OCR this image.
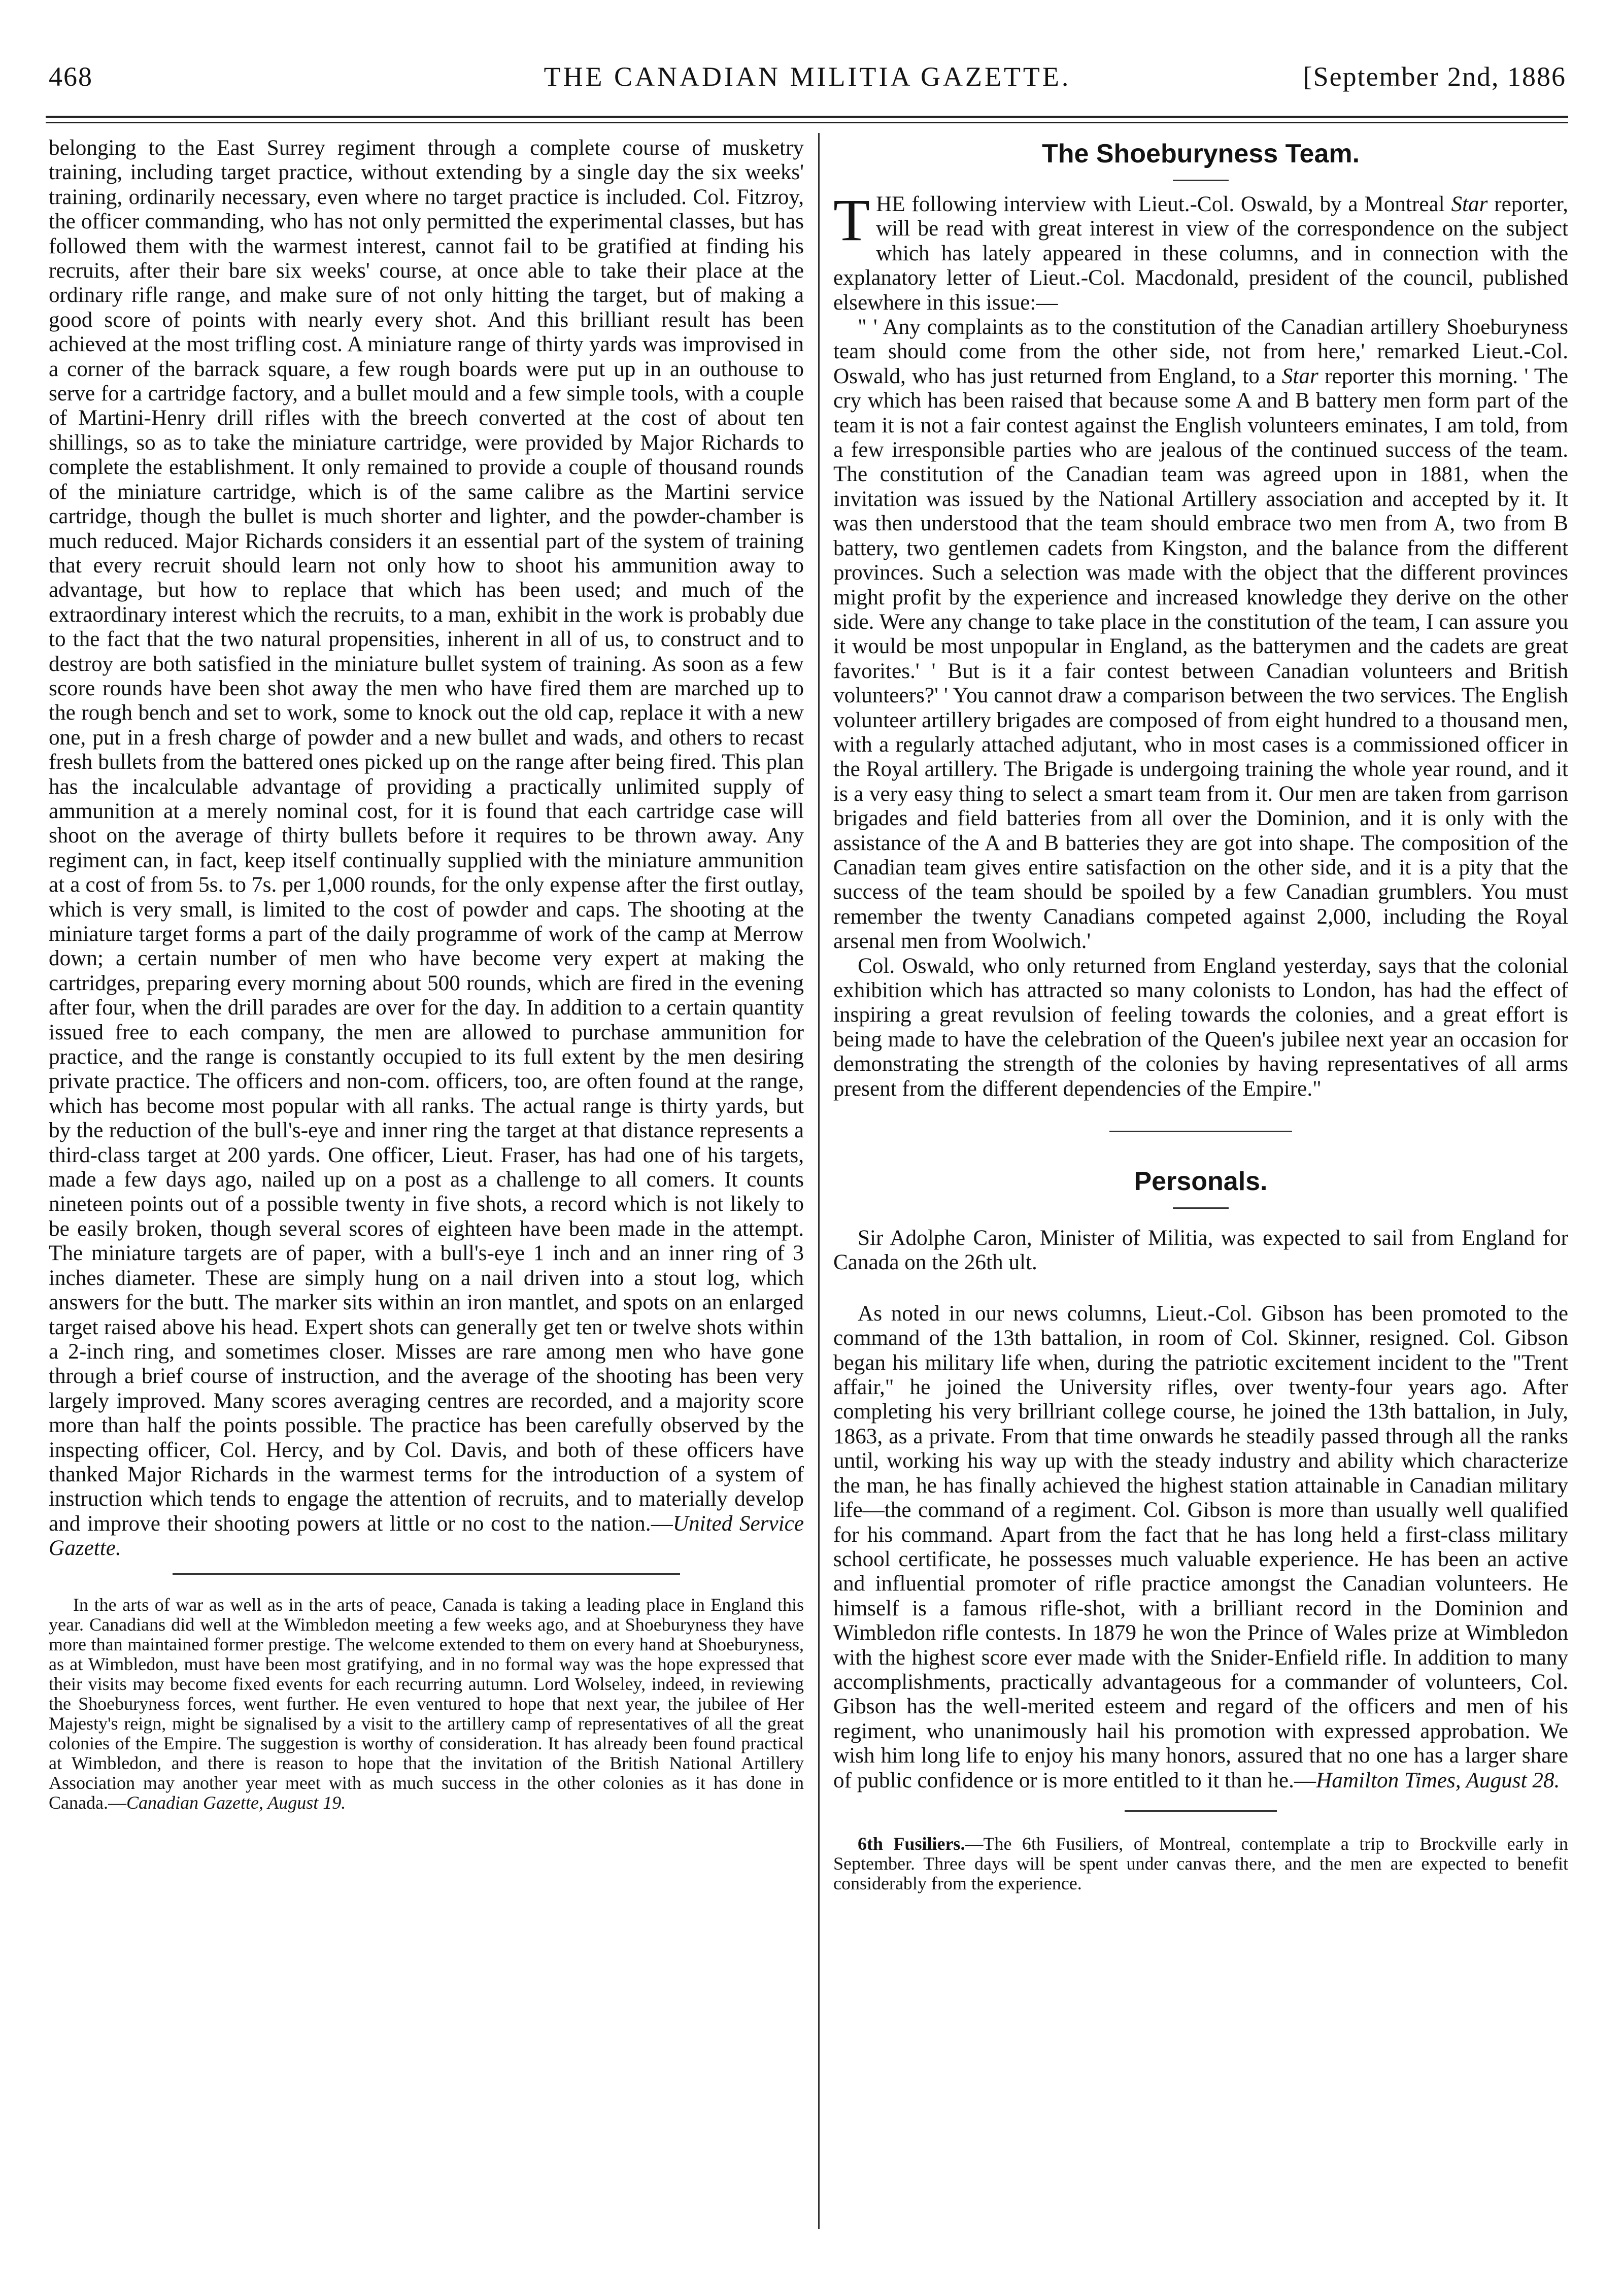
468	THE CANADIAN MILITIA GAZETTE.	[September 2nd, 1886

belonging to the East Surrey regiment through a complete course of musketry training, including target practice, without extending by a single day the six weeks' training, ordinarily necessary, even where no target practice is included. Col. Fitzroy, the officer commanding, who has not only permitted the experimental classes, but has followed them with the warmest interest, cannot fail to be gratified at finding his recruits, after their bare six weeks' course, at once able to take their place at the ordinary rifle range, and make sure of not only hitting the target, but of making a good score of points with nearly every shot. And this brilliant result has been achieved at the most trifling cost. A miniature range of thirty yards was improvised in a corner of the barrack square, a few rough boards were put up in an outhouse to serve for a cartridge factory, and a bullet mould and a few simple tools, with a couple of Martini-Henry drill rifles with the breech converted at the cost of about ten shillings, so as to take the miniature cartridge, were provided by Major Richards to complete the establishment. It only remained to provide a couple of thousand rounds of the miniature cartridge, which is of the same calibre as the Martini service cartridge, though the bullet is much shorter and lighter, and the powder-chamber is much reduced. Major Richards considers it an essential part of the system of training that every recruit should learn not only how to shoot his ammunition away to advantage, but how to replace that which has been used; and much of the extraordinary interest which the recruits, to a man, exhibit in the work is probably due to the fact that the two natural propensities, inherent in all of us, to construct and to destroy are both satisfied in the miniature bullet system of training. As soon as a few score rounds have been shot away the men who have fired them are marched up to the rough bench and set to work, some to knock out the old cap, replace it with a new one, put in a fresh charge of powder and a new bullet and wads, and others to recast fresh bullets from the battered ones picked up on the range after being fired. This plan has the incalculable advantage of providing a practically unlimited supply of ammunition at a merely nominal cost, for it is found that each cartridge case will shoot on the average of thirty bullets before it requires to be thrown away. Any regiment can, in fact, keep itself continually supplied with the miniature ammunition at a cost of from 5s. to 7s. per 1,000 rounds, for the only expense after the first outlay, which is very small, is limited to the cost of powder and caps. The shooting at the miniature target forms a part of the daily programme of work of the camp at Merrow down; a certain number of men who have become very expert at making the cartridges, preparing every morning about 500 rounds, which are fired in the evening after four, when the drill parades are over for the day. In addition to a certain quantity issued free to each company, the men are allowed to purchase ammunition for practice, and the range is constantly occupied to its full extent by the men desiring private practice. The officers and non-com. officers, too, are often found at the range, which has become most popular with all ranks. The actual range is thirty yards, but by the reduction of the bull's-eye and inner ring the target at that distance represents a third-class target at 200 yards. One officer, Lieut. Fraser, has had one of his targets, made a few days ago, nailed up on a post as a challenge to all comers. It counts nineteen points out of a possible twenty in five shots, a record which is not likely to be easily broken, though several scores of eighteen have been made in the attempt. The miniature targets are of paper, with a bull's-eye 1 inch and an inner ring of 3 inches diameter. These are simply hung on a nail driven into a stout log, which answers for the butt. The marker sits within an iron mantlet, and spots on an enlarged target raised above his head. Expert shots can generally get ten or twelve shots within a 2-inch ring, and sometimes closer. Misses are rare among men who have gone through a brief course of instruction, and the average of the shooting has been very largely improved. Many scores averaging centres are recorded, and a majority score more than half the points possible. The practice has been carefully observed by the inspecting officer, Col. Hercy, and by Col. Davis, and both of these officers have thanked Major Richards in the warmest terms for the introduction of a system of instruction which tends to engage the attention of recruits, and to materially develop and improve their shooting powers at little or no cost to the nation.—United Service Gazette.

In the arts of war as well as in the arts of peace, Canada is taking a leading place in England this year. Canadians did well at the Wimbledon meeting a few weeks ago, and at Shoeburyness they have more than maintained former prestige. The welcome extended to them on every hand at Shoeburyness, as at Wimbledon, must have been most gratifying, and in no formal way was the hope expressed that their visits may become fixed events for each recurring autumn. Lord Wolseley, indeed, in reviewing the Shoeburyness forces, went further. He even ventured to hope that next year, the jubilee of Her Majesty's reign, might be signalised by a visit to the artillery camp of representatives of all the great colonies of the Empire. The suggestion is worthy of consideration. It has already been found practical at Wimbledon, and there is reason to hope that the invitation of the British National Artillery Association may another year meet with as much success in the other colonies as it has done in Canada.—Canadian Gazette, August 19.

The Shoeburyness Team.

THE following interview with Lieut.-Col. Oswald, by a Montreal Star reporter, will be read with great interest in view of the correspondence on the subject which has lately appeared in these columns, and in connection with the explanatory letter of Lieut.-Col. Macdonald, president of the council, published elsewhere in this issue:—

" ' Any complaints as to the constitution of the Canadian artillery Shoeburyness team should come from the other side, not from here,' remarked Lieut.-Col. Oswald, who has just returned from England, to a Star reporter this morning. ' The cry which has been raised that because some A and B battery men form part of the team it is not a fair contest against the English volunteers eminates, I am told, from a few irresponsible parties who are jealous of the continued success of the team. The constitution of the Canadian team was agreed upon in 1881, when the invitation was issued by the National Artillery association and accepted by it. It was then understood that the team should embrace two men from A, two from B battery, two gentlemen cadets from Kingston, and the balance from the different provinces. Such a selection was made with the object that the different provinces might profit by the experience and increased knowledge they derive on the other side. Were any change to take place in the constitution of the team, I can assure you it would be most unpopular in England, as the batterymen and the cadets are great favorites.' ' But is it a fair contest between Canadian volunteers and British volunteers?' ' You cannot draw a comparison between the two services. The English volunteer artillery brigades are composed of from eight hundred to a thousand men, with a regularly attached adjutant, who in most cases is a commissioned officer in the Royal artillery. The Brigade is undergoing training the whole year round, and it is a very easy thing to select a smart team from it. Our men are taken from garrison brigades and field batteries from all over the Dominion, and it is only with the assistance of the A and B batteries they are got into shape. The composition of the Canadian team gives entire satisfaction on the other side, and it is a pity that the success of the team should be spoiled by a few Canadian grumblers. You must remember the twenty Canadians competed against 2,000, including the Royal arsenal men from Woolwich.'

Col. Oswald, who only returned from England yesterday, says that the colonial exhibition which has attracted so many colonists to London, has had the effect of inspiring a great revulsion of feeling towards the colonies, and a great effort is being made to have the celebration of the Queen's jubilee next year an occasion for demonstrating the strength of the colonies by having representatives of all arms present from the different dependencies of the Empire."

Personals.

Sir Adolphe Caron, Minister of Militia, was expected to sail from England for Canada on the 26th ult.

As noted in our news columns, Lieut.-Col. Gibson has been promoted to the command of the 13th battalion, in room of Col. Skinner, resigned. Col. Gibson began his military life when, during the patriotic excitement incident to the "Trent affair," he joined the University rifles, over twenty-four years ago. After completing his very brillriant college course, he joined the 13th battalion, in July, 1863, as a private. From that time onwards he steadily passed through all the ranks until, working his way up with the steady industry and ability which characterize the man, he has finally achieved the highest station attainable in Canadian military life—the command of a regiment. Col. Gibson is more than usually well qualified for his command. Apart from the fact that he has long held a first-class military school certificate, he possesses much valuable experience. He has been an active and influential promoter of rifle practice amongst the Canadian volunteers. He himself is a famous rifle-shot, with a brilliant record in the Dominion and Wimbledon rifle contests. In 1879 he won the Prince of Wales prize at Wimbledon with the highest score ever made with the Snider-Enfield rifle. In addition to many accomplishments, practically advantageous for a commander of volunteers, Col. Gibson has the well-merited esteem and regard of the officers and men of his regiment, who unanimously hail his promotion with expressed approbation. We wish him long life to enjoy his many honors, assured that no one has a larger share of public confidence or is more entitled to it than he.—Hamilton Times, August 28.

6th Fusiliers.—The 6th Fusiliers, of Montreal, contemplate a trip to Brockville early in September. Three days will be spent under canvas there, and the men are expected to benefit considerably from the experience.
